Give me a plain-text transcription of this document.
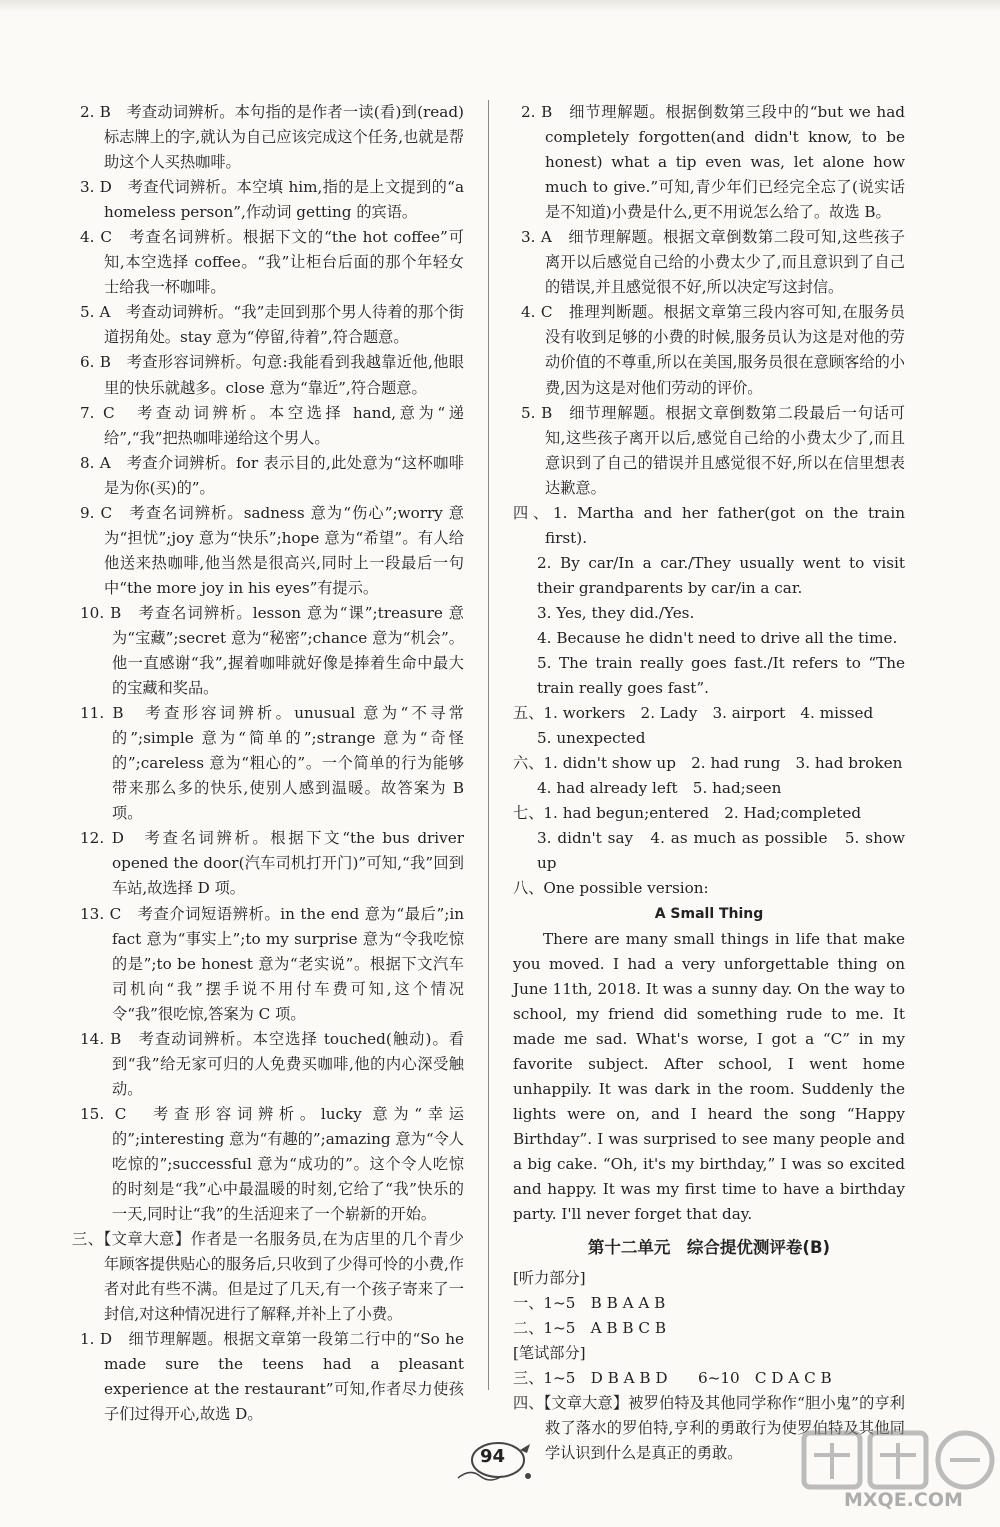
2. B　考查动词辨析。本句指的是作者一读(看)到(read)标志牌上的字,就认为自己应该完成这个任务,也就是帮助这个人买热咖啡。

3. D　考查代词辨析。本空填 him,指的是上文提到的“a homeless person”,作动词 getting 的宾语。

4. C　考查名词辨析。根据下文的“the hot coffee”可知,本空选择 coffee。“我”让柜台后面的那个年轻女士给我一杯咖啡。

5. A　考查动词辨析。“我”走回到那个男人待着的那个街道拐角处。stay 意为“停留,待着”,符合题意。

6. B　考查形容词辨析。句意:我能看到我越靠近他,他眼里的快乐就越多。close 意为“靠近”,符合题意。

7. C　考查动词辨析。本空选择 hand,意为“递给”,“我”把热咖啡递给这个男人。

8. A　考查介词辨析。for 表示目的,此处意为“这杯咖啡是为你(买)的”。

9. C　考查名词辨析。sadness 意为“伤心”;worry 意为“担忧”;joy 意为“快乐”;hope 意为“希望”。有人给他送来热咖啡,他当然是很高兴,同时上一段最后一句中“the more joy in his eyes”有提示。

10. B　考查名词辨析。lesson 意为“课”;treasure 意为“宝藏”;secret 意为“秘密”;chance 意为“机会”。他一直感谢“我”,握着咖啡就好像是捧着生命中最大的宝藏和奖品。

11. B　考查形容词辨析。unusual 意为“不寻常的”;simple 意为“简单的”;strange 意为“奇怪的”;careless 意为“粗心的”。一个简单的行为能够带来那么多的快乐,使别人感到温暖。故答案为 B 项。

12. D　考查名词辨析。根据下文“the bus driver opened the door(汽车司机打开门)”可知,“我”回到车站,故选择 D 项。

13. C　考查介词短语辨析。in the end 意为“最后”;in fact 意为“事实上”;to my surprise 意为“令我吃惊的是”;to be honest 意为“老实说”。根据下文汽车司机向“我”摆手说不用付车费可知,这个情况令“我”很吃惊,答案为 C 项。

14. B　考查动词辨析。本空选择 touched(触动)。看到“我”给无家可归的人免费买咖啡,他的内心深受触动。

15. C　考查形容词辨析。lucky 意为“幸运的”;interesting 意为“有趣的”;amazing 意为“令人吃惊的”;successful 意为“成功的”。这个令人吃惊的时刻是“我”心中最温暖的时刻,它给了“我”快乐的一天,同时让“我”的生活迎来了一个崭新的开始。

三、【文章大意】作者是一名服务员,在为店里的几个青少年顾客提供贴心的服务后,只收到了少得可怜的小费,作者对此有些不满。但是过了几天,有一个孩子寄来了一封信,对这种情况进行了解释,并补上了小费。

1. D　细节理解题。根据文章第一段第二行中的“So he made sure the teens had a pleasant experience at the restaurant”可知,作者尽力使孩子们过得开心,故选 D。

2. B　细节理解题。根据倒数第三段中的“but we had completely forgotten(and didn't know, to be honest) what a tip even was, let alone how much to give.”可知,青少年们已经完全忘了(说实话是不知道)小费是什么,更不用说怎么给了。故选 B。

3. A　细节理解题。根据文章倒数第二段可知,这些孩子离开以后感觉自己给的小费太少了,而且意识到了自己的错误,并且感觉很不好,所以决定写这封信。

4. C　推理判断题。根据文章第三段内容可知,在服务员没有收到足够的小费的时候,服务员认为这是对他的劳动价值的不尊重,所以在美国,服务员很在意顾客给的小费,因为这是对他们劳动的评价。

5. B　细节理解题。根据文章倒数第二段最后一句话可知,这些孩子离开以后,感觉自己给的小费太少了,而且意识到了自己的错误并且感觉很不好,所以在信里想表达歉意。

四、1. Martha and her father(got on the train first).

2. By car/In a car./They usually went to visit their grandparents by car/in a car.

3. Yes, they did./Yes.

4. Because he didn't need to drive all the time.

5. The train really goes fast./It refers to “The train really goes fast”.

五、1. workers　2. Lady　3. airport　4. missed

5. unexpected

六、1. didn't show up　2. had rung　3. had broken

4. had already left　5. had;seen

七、1. had begun;entered　2. Had;completed

3. didn't say　4. as much as possible　5. show up

八、One possible version:

A Small Thing

There are many small things in life that make you moved. I had a very unforgettable thing on June 11th, 2018. It was a sunny day. On the way to school, my friend did something rude to me. It made me sad. What's worse, I got a “C” in my favorite subject. After school, I went home unhappily. It was dark in the room. Suddenly the lights were on, and I heard the song “Happy Birthday”. I was surprised to see many people and a big cake. “Oh, it's my birthday,” I was so excited and happy. It was my first time to have a birthday party. I'll never forget that day.

第十二单元　综合提优测评卷(B)

[听力部分]

一、1~5　B B A A B

二、1~5　A B B C B

[笔试部分]

三、1~5　D B A B D　　6~10　C D A C B

四、【文章大意】被罗伯特及其他同学称作“胆小鬼”的亨利救了落水的罗伯特,亨利的勇敢行为使罗伯特及其他同学认识到什么是真正的勇敢。

94
MXQE.COM
